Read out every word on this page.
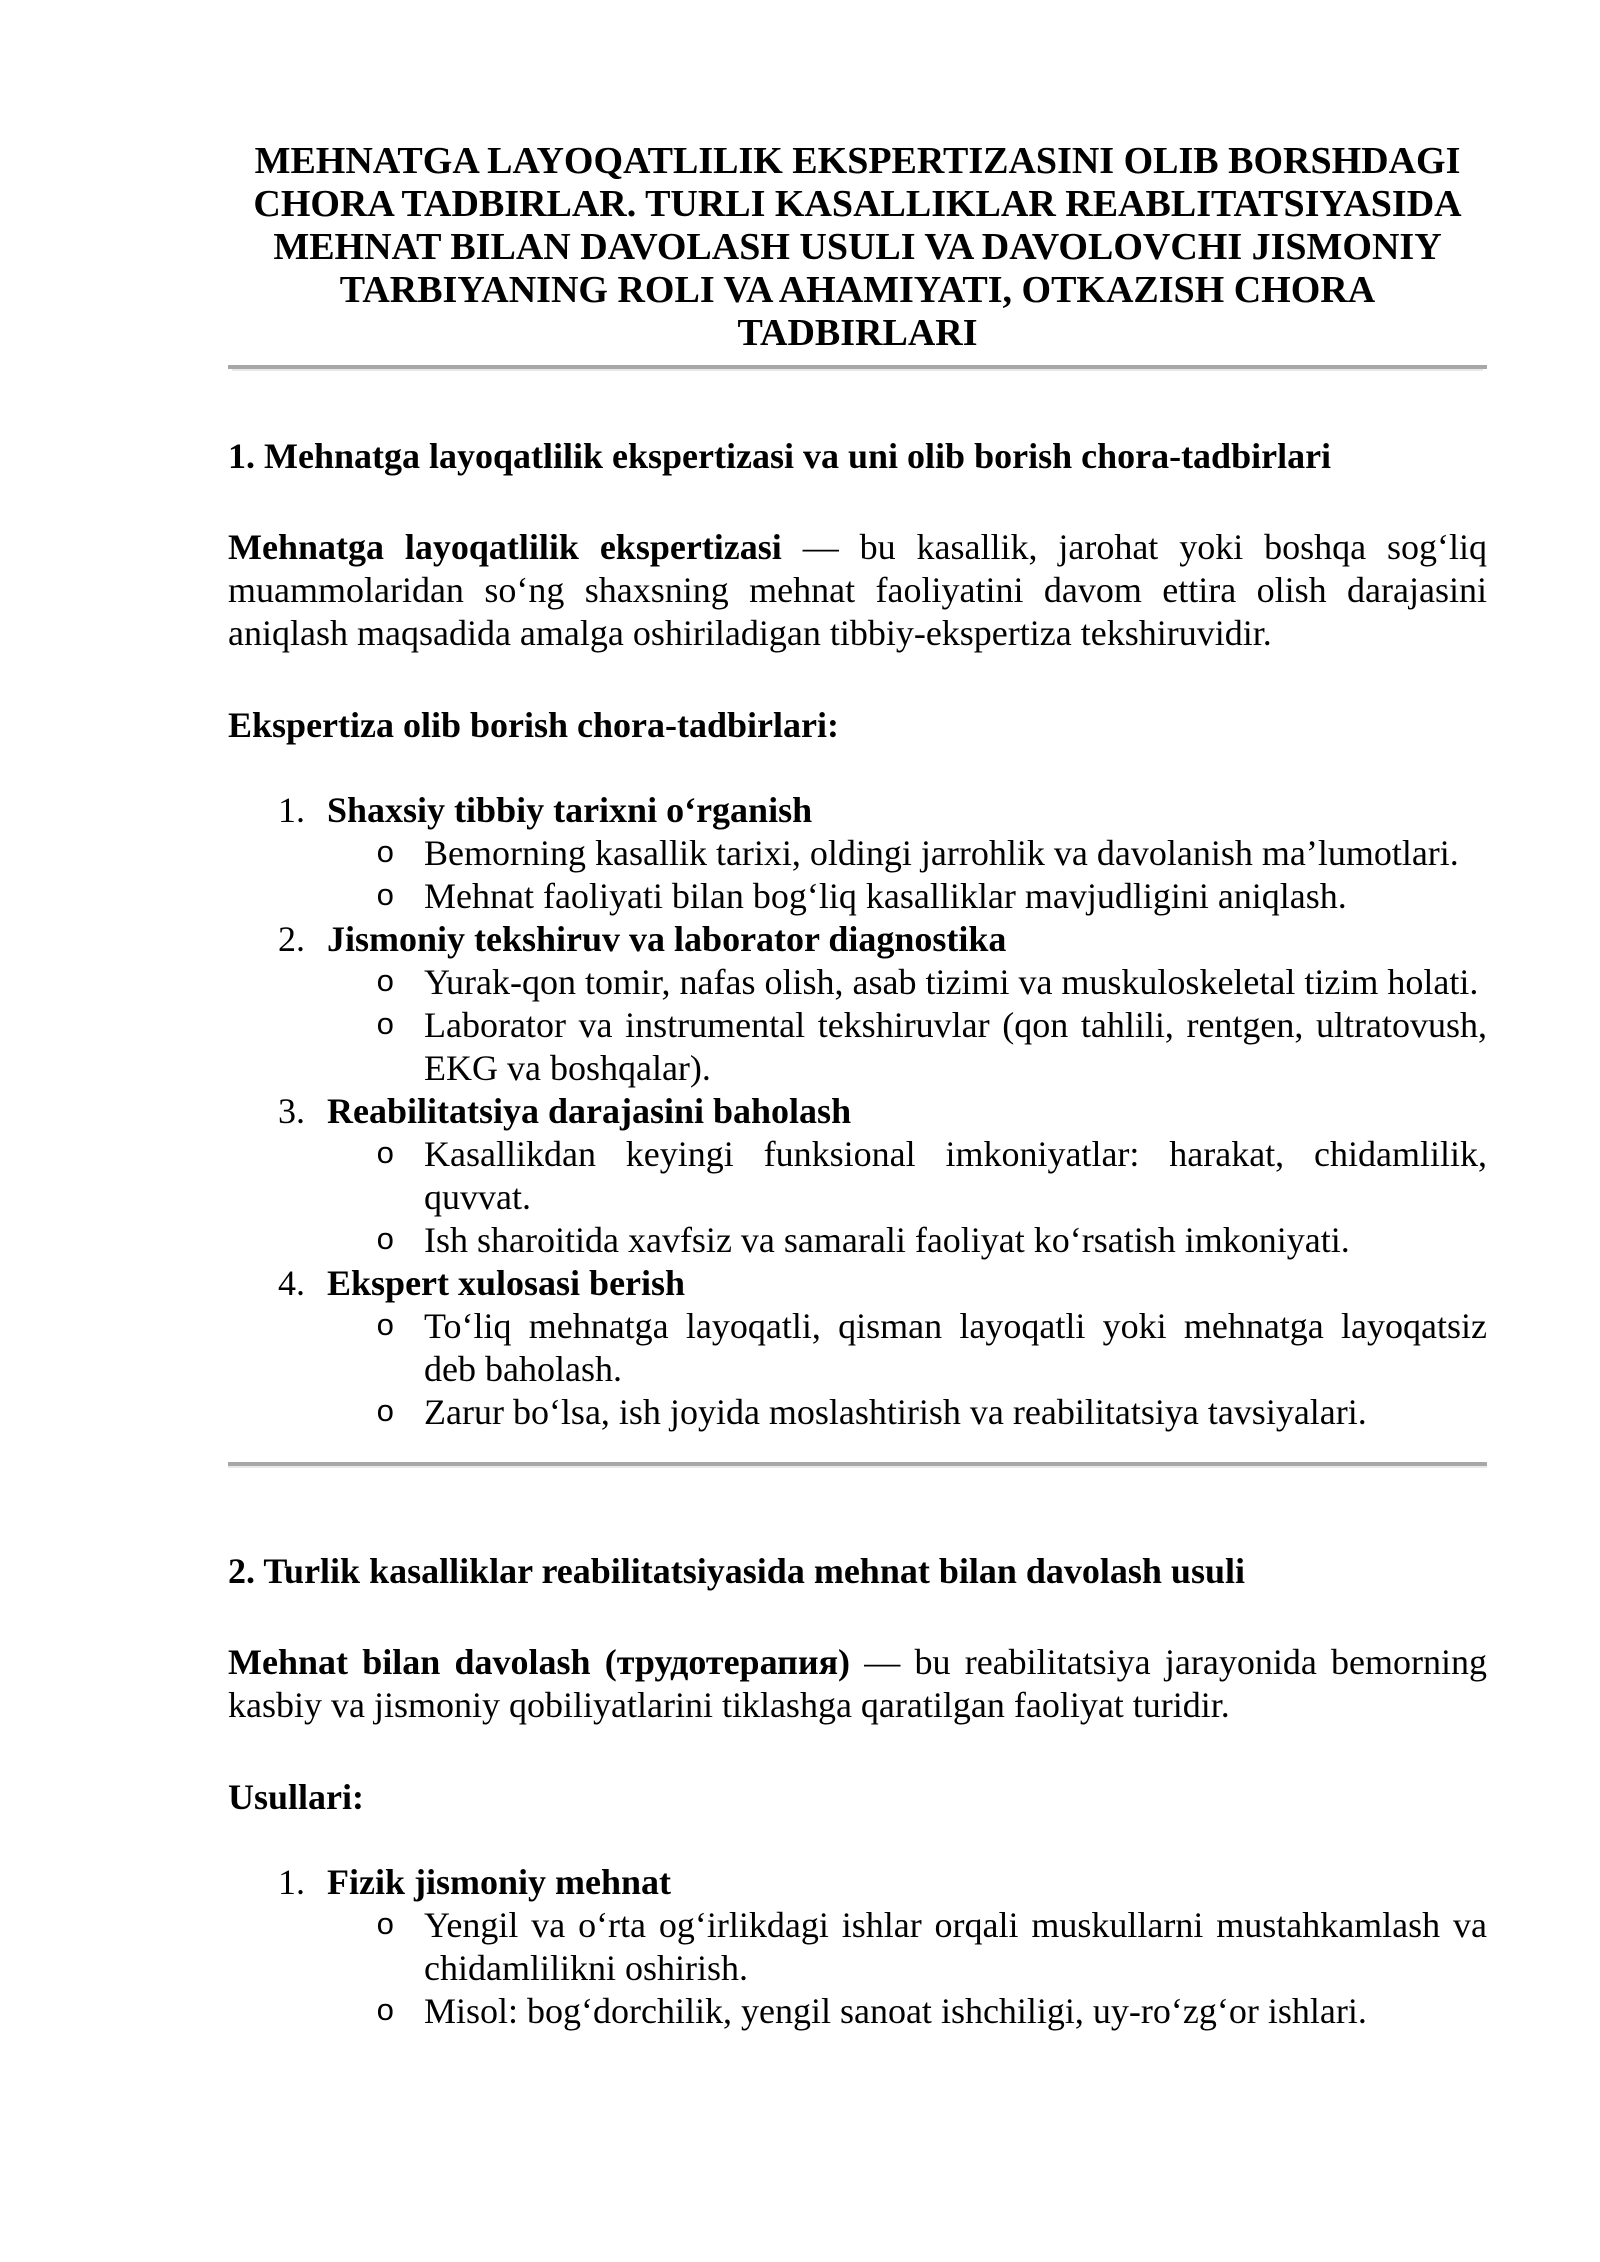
MEHNATGA LAYOQATLILIK EKSPERTIZASINI OLIB BORSHDAGI CHORA TADBIRLAR. TURLI KASALLIKLAR REABLITATSIYASIDA MEHNAT BILAN DAVOLASH USULI VA DAVOLOVCHI JISMONIY TARBIYANING ROLI VA AHAMIYATI, OTKAZISH CHORA TADBIRLARI
1. Mehnatga layoqatlilik ekspertizasi va uni olib borish chora-tadbirlari

Mehnatga layoqatlilik ekspertizasi — bu kasallik, jarohat yoki boshqa sog‘liq muammolaridan so‘ng shaxsning mehnat faoliyatini davom ettira olish darajasini aniqlash maqsadida amalga oshiriladigan tibbiy-ekspertiza tekshiruvidir.

Ekspertiza olib borish chora-tadbirlari:

1. Shaxsiy tibbiy tarixni o‘rganish
o Bemorning kasallik tarixi, oldingi jarrohlik va davolanish ma’lumotlari.
o Mehnat faoliyati bilan bog‘liq kasalliklar mavjudligini aniqlash.
2. Jismoniy tekshiruv va laborator diagnostika
o Yurak-qon tomir, nafas olish, asab tizimi va muskuloskeletal tizim holati.
o Laborator va instrumental tekshiruvlar (qon tahlili, rentgen, ultratovush, EKG va boshqalar).
3. Reabilitatsiya darajasini baholash
o Kasallikdan keyingi funksional imkoniyatlar: harakat, chidamlilik, quvvat.
o Ish sharoitida xavfsiz va samarali faoliyat ko‘rsatish imkoniyati.
4. Ekspert xulosasi berish
o To‘liq mehnatga layoqatli, qisman layoqatli yoki mehnatga layoqatsiz deb baholash.
o Zarur bo‘lsa, ish joyida moslashtirish va reabilitatsiya tavsiyalari.
2. Turlik kasalliklar reabilitatsiyasida mehnat bilan davolash usuli

Mehnat bilan davolash (трудотерапия) — bu reabilitatsiya jarayonida bemorning kasbiy va jismoniy qobiliyatlarini tiklashga qaratilgan faoliyat turidir.

Usullari:

1. Fizik jismoniy mehnat
o Yengil va o‘rta og‘irlikdagi ishlar orqali muskullarni mustahkamlash va chidamlilikni oshirish.
o Misol: bog‘dorchilik, yengil sanoat ishchiligi, uy-ro‘zg‘or ishlari.
